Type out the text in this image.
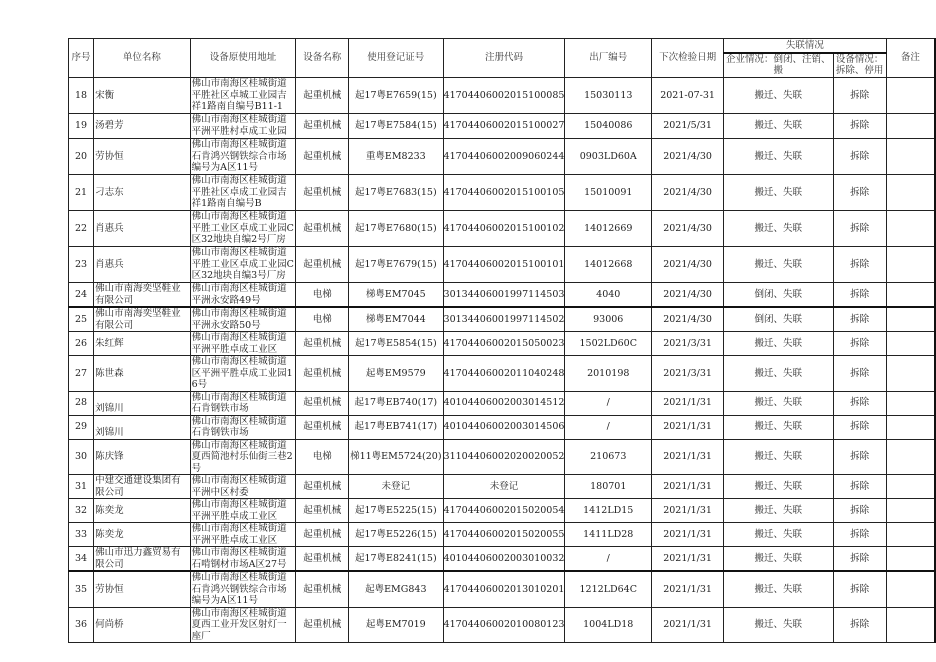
序号	单位名称	设备原使用地址	设备名称	使用登记证号	注册代码	出厂编号	下次检验日期	失联情况		备注
								企业情况：倒闭、注销、搬	设备情况：拆除、停用	
18	宋衡	佛山市南海区桂城街道平胜社区卓城工业园吉祥1路南自编号B11-1	起重机械	起17粤E7659(15)	41704406002015100085	15030113	2021-07-31	搬迁、失联	拆除	
19	汤碧芳	佛山市南海区桂城街道平洲平胜村卓成工业园	起重机械	起17粤E7584(15)	41704406002015100027	15040086	2021/5/31	搬迁、失联	拆除	
20	劳协恒	佛山市南海区桂城街道石肯鸿兴钢铁综合市场编号为A区11号	起重机械	重粤EM8233	41704406002009060244	0903LD60A	2021/4/30	搬迁、失联	拆除	
21	刁志东	佛山市南海区桂城街道平胜社区卓成工业园吉祥1路南自编号B	起重机械	起17粤E7683(15)	41704406002015100105	15010091	2021/4/30	搬迁、失联	拆除	
22	肖惠兵	佛山市南海区桂城街道平胜工业区卓成工业园C区32地块自编2号厂房	起重机械	起17粤E7680(15)	41704406002015100102	14012669	2021/4/30	搬迁、失联	拆除	
23	肖惠兵	佛山市南海区桂城街道平胜工业区卓成工业园C区32地块自编3号厂房	起重机械	起17粤E7679(15)	41704406002015100101	14012668	2021/4/30	搬迁、失联	拆除	
24	佛山市南海奕坚鞋业有限公司	佛山市南海区桂城街道平洲永安路49号	电梯	梯粤EM7045	30134406001997114503	4040	2021/4/30	倒闭、失联	拆除	
25	佛山市南海奕坚鞋业有限公司	佛山市南海区桂城街道平洲永安路50号	电梯	梯粤EM7044	30134406001997114502	93006	2021/4/30	倒闭、失联	拆除	
26	朱红辉	佛山市南海区桂城街道平洲平胜卓成工业区	起重机械	起17粤E5854(15)	41704406002015050023	1502LD60C	2021/3/31	搬迁、失联	拆除	
27	陈世森	佛山市南海区桂城街道区平洲平胜卓成工业园16号	起重机械	起粤EM9579	41704406002011040248	2010198	2021/3/31	搬迁、失联	拆除	
28	刘锦川	佛山市南海区桂城街道石肯钢铁市场	起重机械	起17粤EB740(17)	40104406002003014512	/	2021/1/31	搬迁、失联	拆除	
29	刘锦川	佛山市南海区桂城街道石肯钢铁市场	起重机械	起17粤EB741(17)	40104406002003014506	/	2021/1/31	搬迁、失联	拆除	
30	陈庆锋	佛山市南海区桂城街道夏西简池村乐仙街三巷2号	电梯	梯11粤EM5724(20)	31104406002020020052	210673	2021/1/31	搬迁、失联	拆除	
31	中建交通建设集团有限公司	佛山市南海区桂城街道平洲中区村委	起重机械	未登记	未登记	180701	2021/1/31	搬迁、失联	拆除	
32	陈奕龙	佛山市南海区桂城街道平洲平胜卓成工业区	起重机械	起17粤E5225(15)	41704406002015020054	1412LD15	2021/1/31	搬迁、失联	拆除	
33	陈奕龙	佛山市南海区桂城街道平洲平胜卓成工业区	起重机械	起17粤E5226(15)	41704406002015020055	1411LD28	2021/1/31	搬迁、失联	拆除	
34	佛山市迅力鑫贸易有限公司	佛山市南海区桂城街道石啃钢材市场A区27号	起重机械	起17粤E8241(15)	40104406002003010032	/	2021/1/31	搬迁、失联	拆除	
35	劳协恒	佛山市南海区桂城街道石肯鸿兴钢铁综合市场编号为A区11号	起重机械	起粤EMG843	41704406002013010201	1212LD64C	2021/1/31	搬迁、失联	拆除	
36	何尚桥	佛山市南海区桂城街道夏西工业开发区射灯一座厂	起重机械	起粤EM7019	41704406002010080123	1004LD18	2021/1/31	搬迁、失联	拆除	
